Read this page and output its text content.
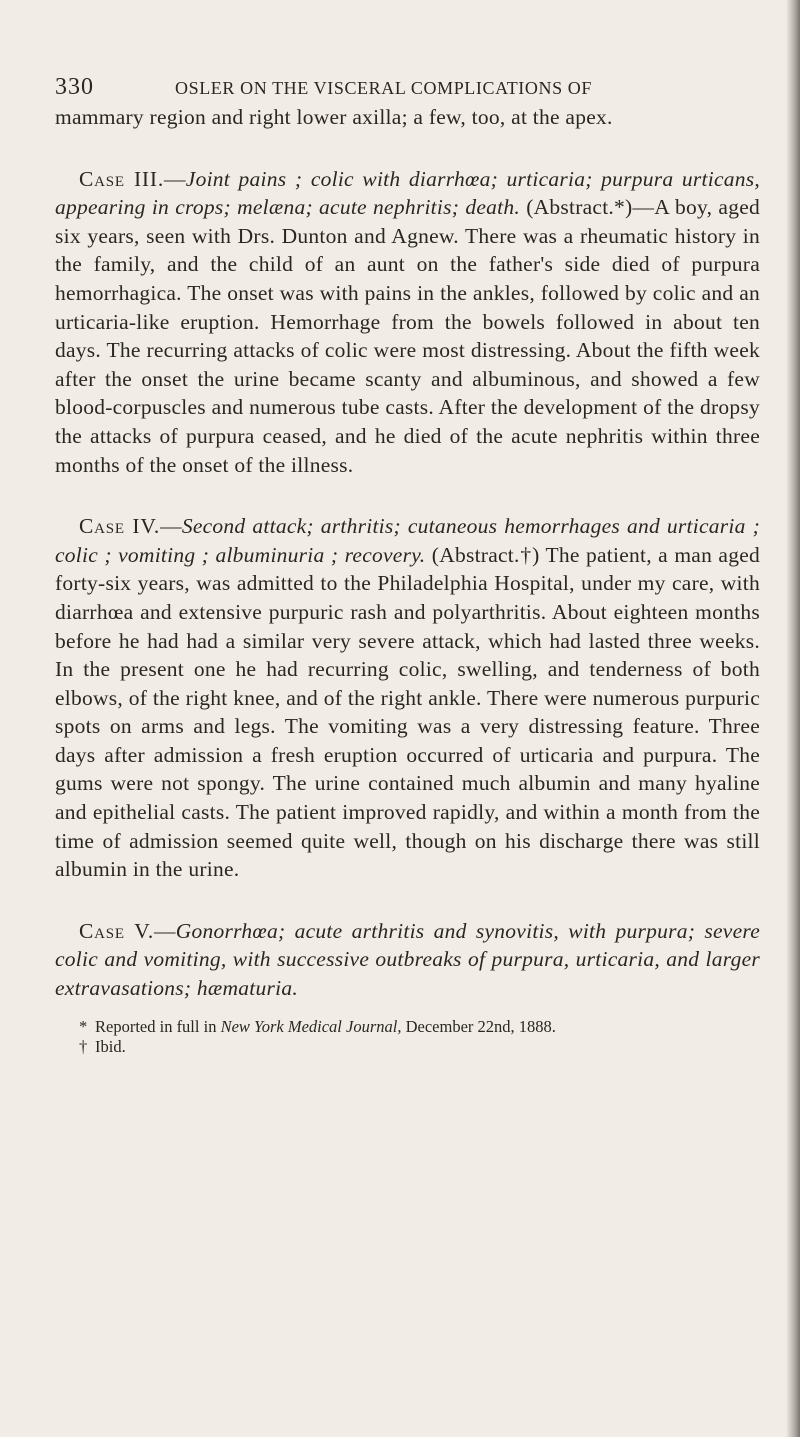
330	OSLER ON THE VISCERAL COMPLICATIONS OF

mammary region and right lower axilla; a few, too, at the apex.

Case III.—Joint pains ; colic with diarrhœa; urticaria; purpura urticans, appearing in crops; melæna; acute nephritis; death. (Abstract.*)—A boy, aged six years, seen with Drs. Dunton and Agnew. There was a rheumatic history in the family, and the child of an aunt on the father's side died of purpura hemorrhagica. The onset was with pains in the ankles, followed by colic and an urticaria-like eruption. Hemorrhage from the bowels followed in about ten days. The recurring attacks of colic were most distressing. About the fifth week after the onset the urine became scanty and albuminous, and showed a few blood-corpuscles and numerous tube casts. After the development of the dropsy the attacks of purpura ceased, and he died of the acute nephritis within three months of the onset of the illness.

Case IV.—Second attack; arthritis; cutaneous hemorrhages and urticaria ; colic ; vomiting ; albuminuria ; recovery. (Abstract.†) The patient, a man aged forty-six years, was admitted to the Philadelphia Hospital, under my care, with diarrhœa and extensive purpuric rash and polyarthritis. About eighteen months before he had had a similar very severe attack, which had lasted three weeks. In the present one he had recurring colic, swelling, and tenderness of both elbows, of the right knee, and of the right ankle. There were numerous purpuric spots on arms and legs. The vomiting was a very distressing feature. Three days after admission a fresh eruption occurred of urticaria and purpura. The gums were not spongy. The urine contained much albumin and many hyaline and epithelial casts. The patient improved rapidly, and within a month from the time of admission seemed quite well, though on his discharge there was still albumin in the urine.

Case V.—Gonorrhœa; acute arthritis and synovitis, with purpura; severe colic and vomiting, with successive outbreaks of purpura, urticaria, and larger extravasations; hæmaturia.

* Reported in full in New York Medical Journal, December 22nd, 1888.

† Ibid.
